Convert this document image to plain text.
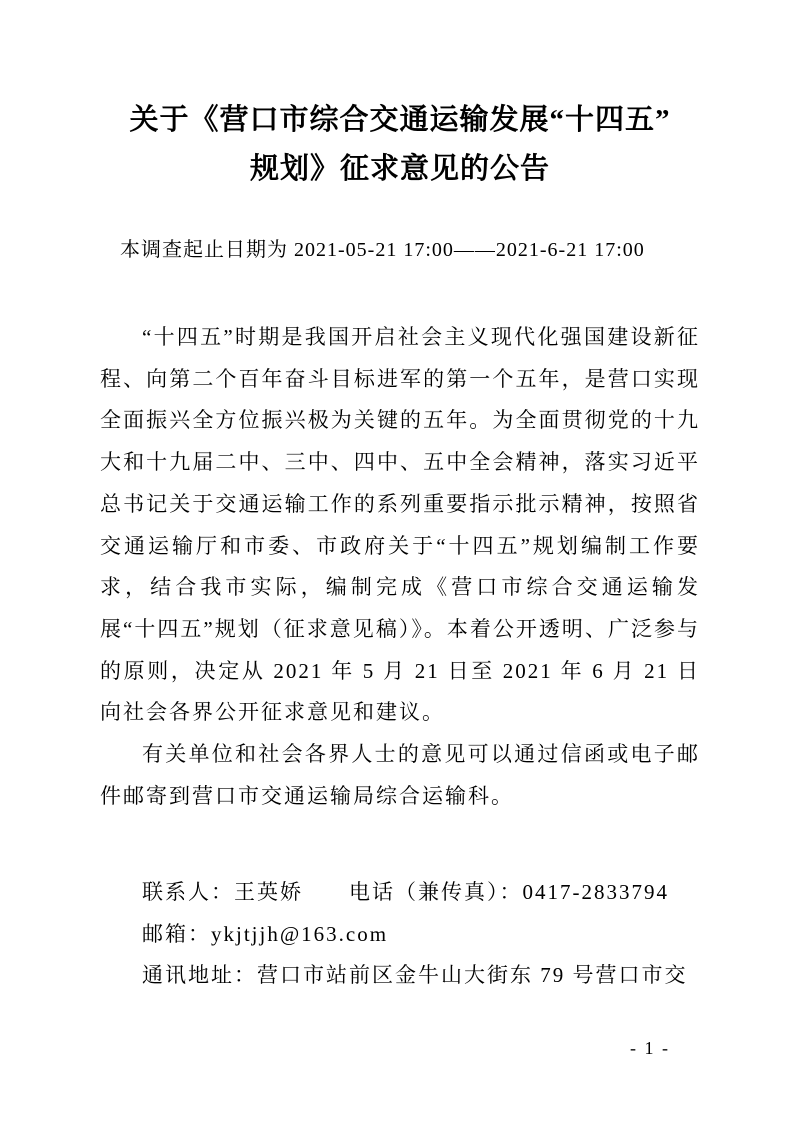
关于《营口市综合交通运输发展“十四五”
规划》征求意见的公告
本调查起止日期为 2021-05-21 17:00——2021-6-21 17:00

“十四五”时期是我国开启社会主义现代化强国建设新征程、向第二个百年奋斗目标进军的第一个五年，是营口实现全面振兴全方位振兴极为关键的五年。为全面贯彻党的十九大和十九届二中、三中、四中、五中全会精神，落实习近平总书记关于交通运输工作的系列重要指示批示精神，按照省交通运输厅和市委、市政府关于“十四五”规划编制工作要求，结合我市实际，编制完成《营口市综合交通运输发展“十四五”规划（征求意见稿）》。本着公开透明、广泛参与的原则，决定从 2021 年 5 月 21 日至 2021 年 6 月 21 日向社会各界公开征求意见和建议。

有关单位和社会各界人士的意见可以通过信函或电子邮件邮寄到营口市交通运输局综合运输科。

联系人：王英娇　　电话（兼传真）：0417-2833794
邮箱：ykjtjjh@163.com
通讯地址：营口市站前区金牛山大街东 79 号营口市交
- 1 -
